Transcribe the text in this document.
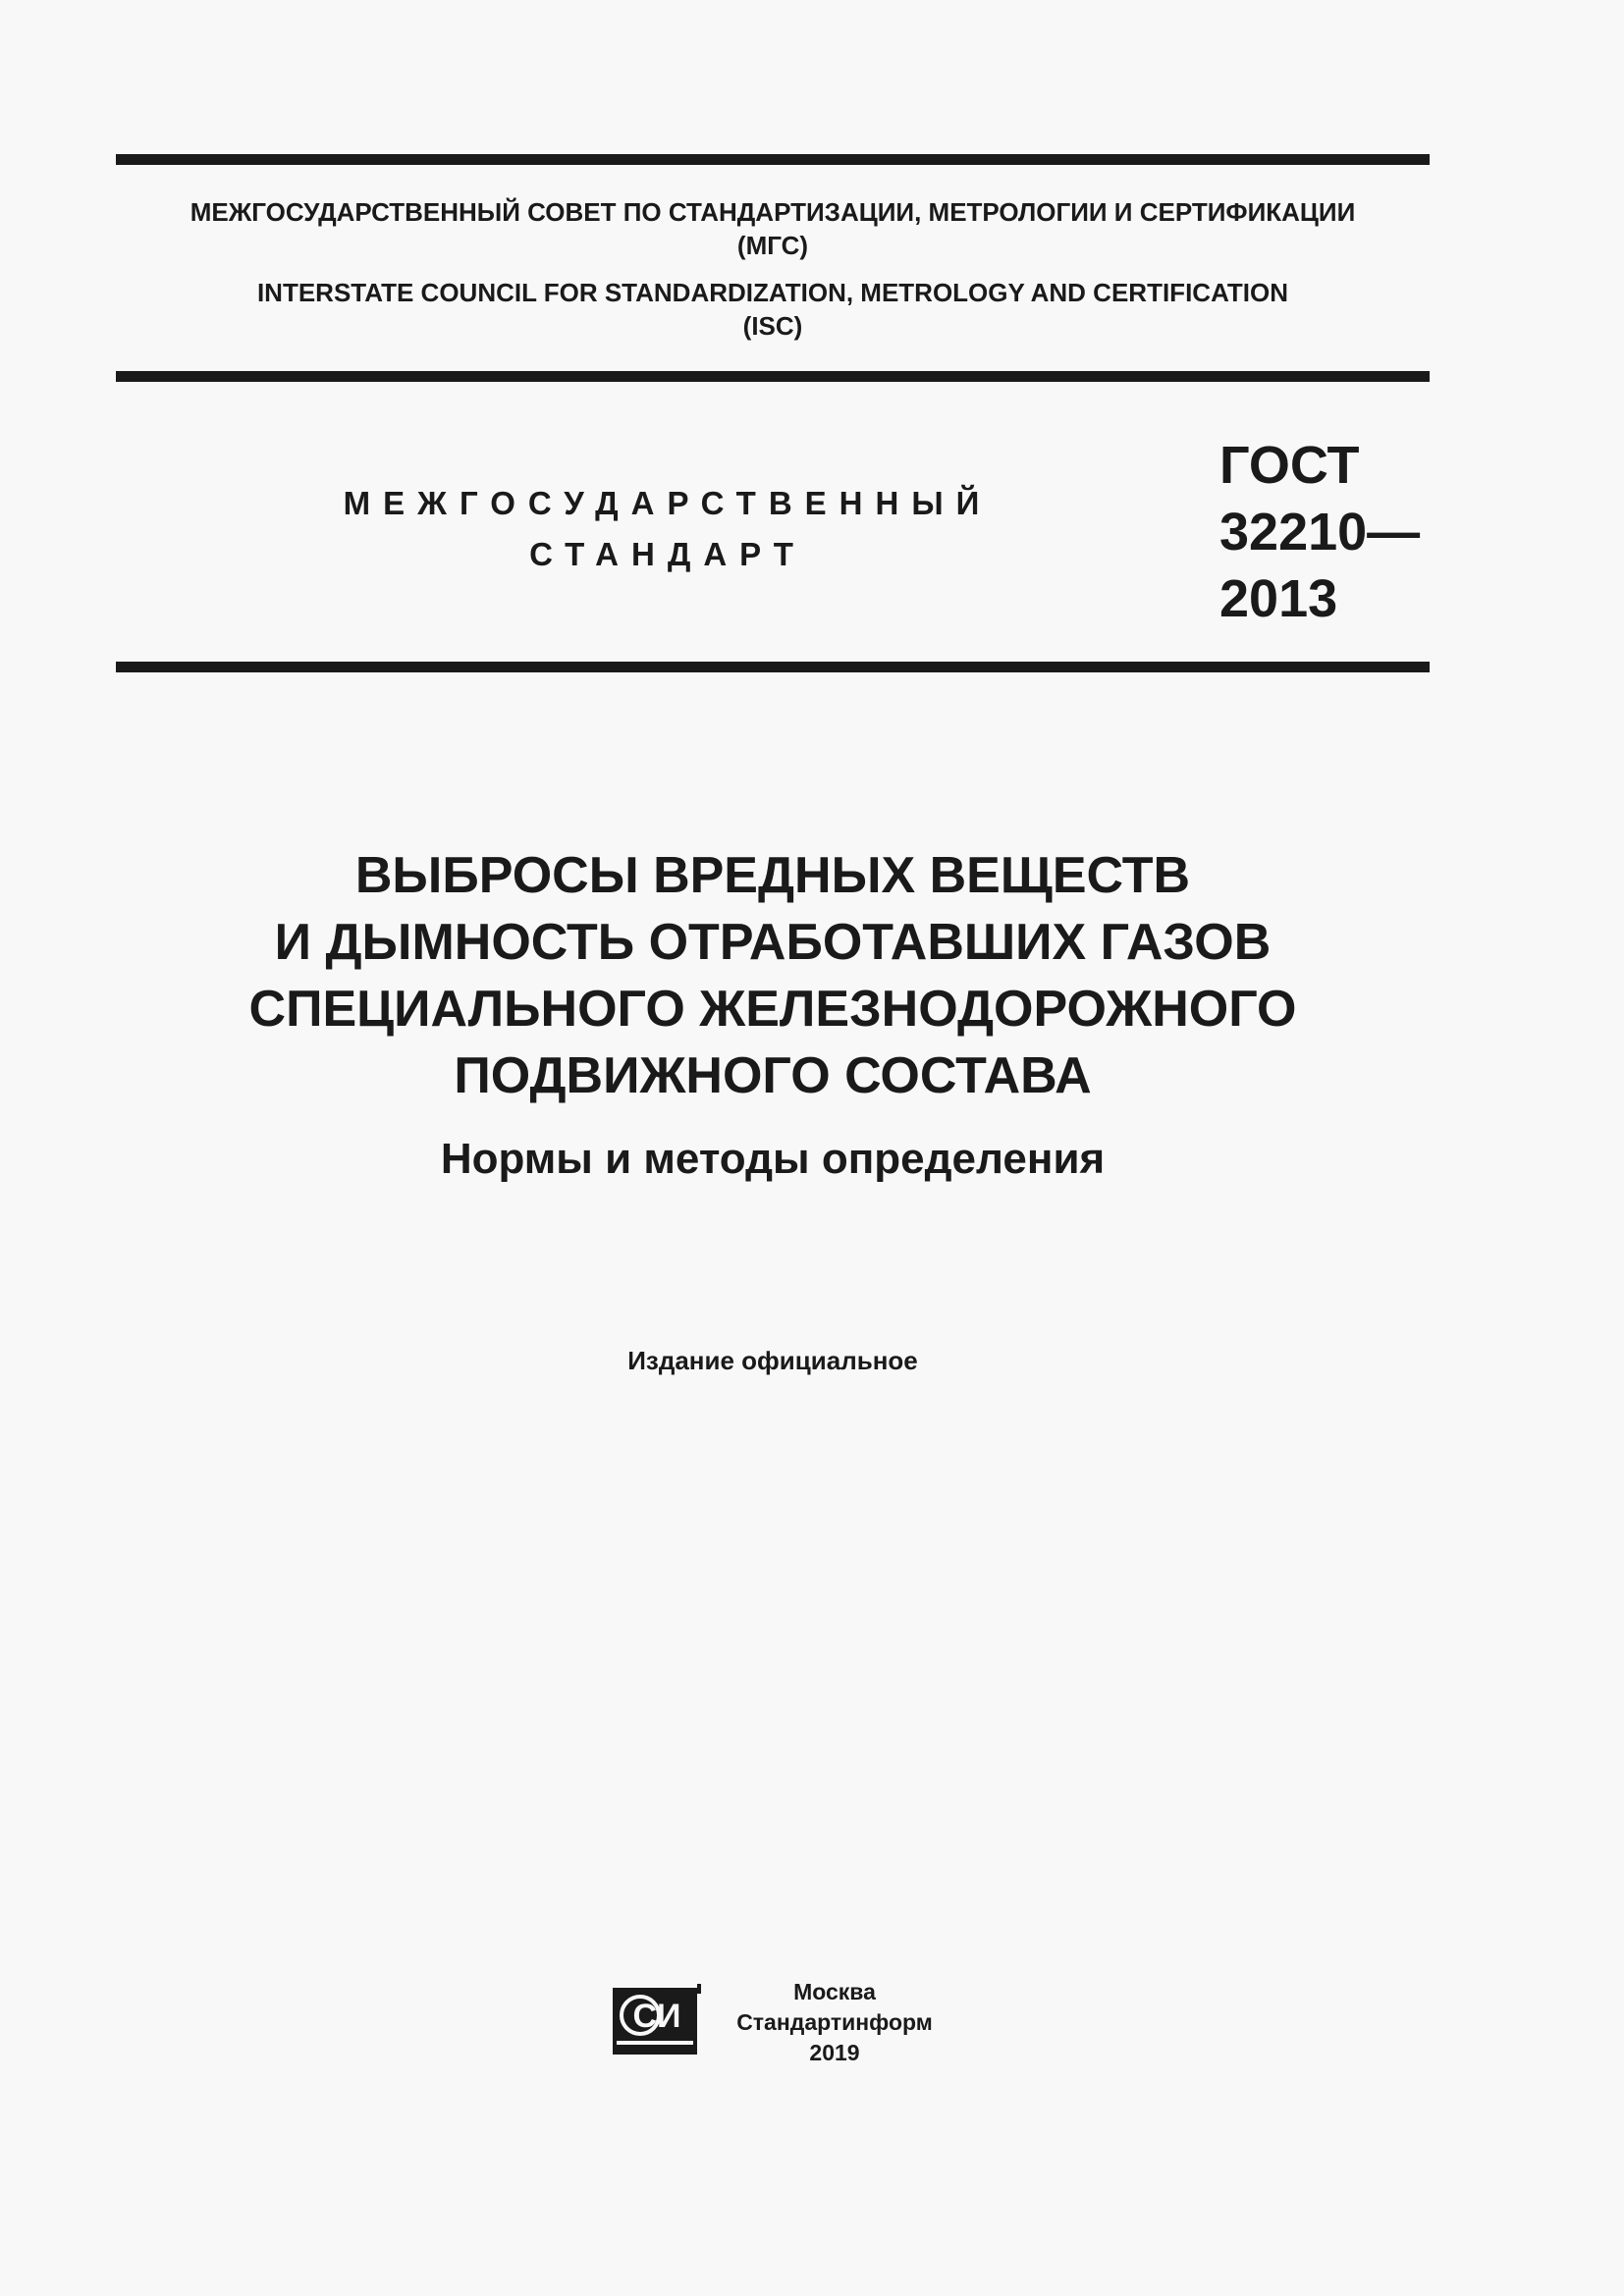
МЕЖГОСУДАРСТВЕННЫЙ СОВЕТ ПО СТАНДАРТИЗАЦИИ, МЕТРОЛОГИИ И СЕРТИФИКАЦИИ
(МГС)
INTERSTATE COUNCIL FOR STANDARDIZATION, METROLOGY AND CERTIFICATION
(ISC)
МЕЖГОСУДАРСТВЕННЫЙ
СТАНДАРТ
ГОСТ
32210—
2013
ВЫБРОСЫ ВРЕДНЫХ ВЕЩЕСТВ
И ДЫМНОСТЬ ОТРАБОТАВШИХ ГАЗОВ
СПЕЦИАЛЬНОГО ЖЕЛЕЗНОДОРОЖНОГО
ПОДВИЖНОГО СОСТАВА
Нормы и методы определения
Издание официальное
СИ
Москва
Стандартинформ
2019
